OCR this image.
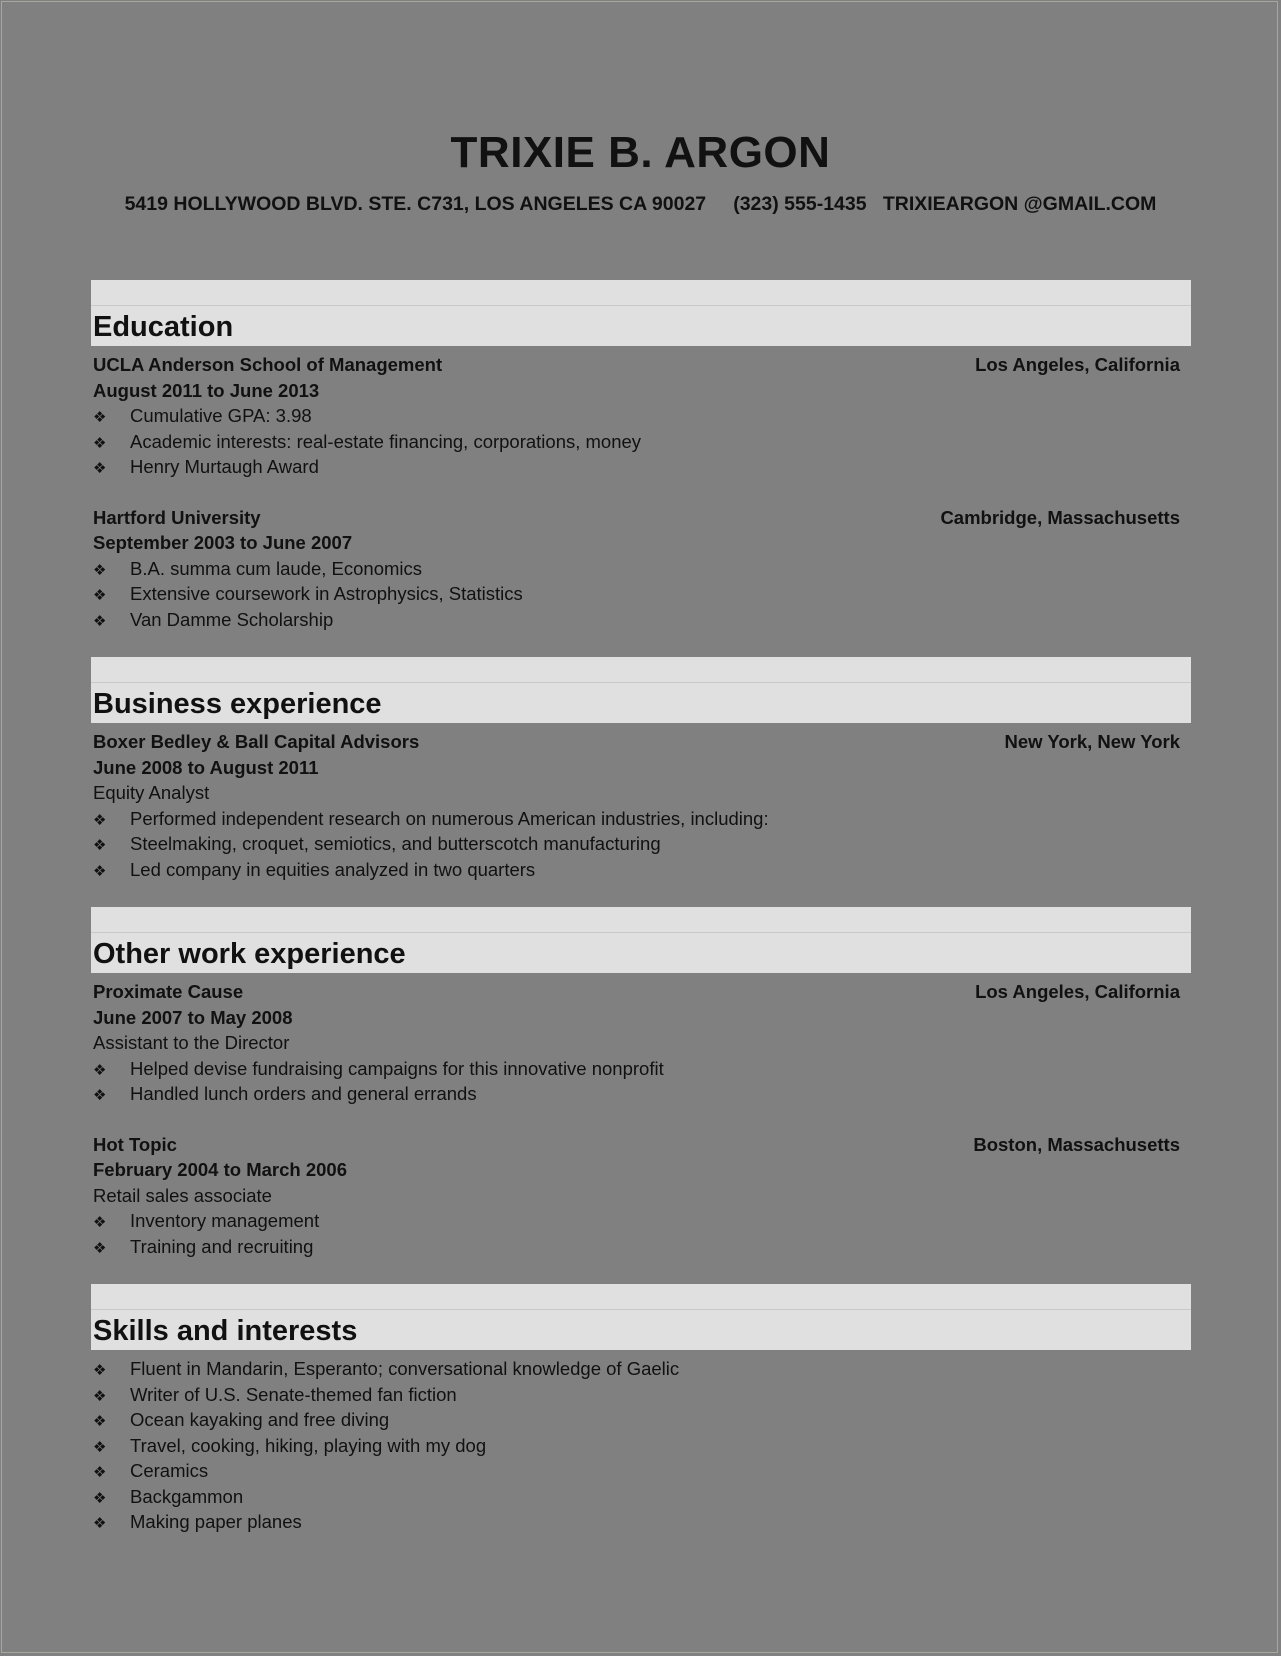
TRIXIE B. ARGON
5419 HOLLYWOOD BLVD. STE. C731, LOS ANGELES CA 90027     (323) 555-1435   TRIXIEARGON @GMAIL.COM
Education
UCLA Anderson School of Management	Los Angeles, California
August 2011 to June 2013
❖ Cumulative GPA: 3.98
❖ Academic interests: real-estate financing, corporations, money
❖ Henry Murtaugh Award
Hartford University	Cambridge, Massachusetts
September 2003 to June 2007
❖ B.A. summa cum laude, Economics
❖ Extensive coursework in Astrophysics, Statistics
❖ Van Damme Scholarship
Business experience
Boxer Bedley & Ball Capital Advisors	New York, New York
June 2008 to August 2011
Equity Analyst
❖ Performed independent research on numerous American industries, including:
❖ Steelmaking, croquet, semiotics, and butterscotch manufacturing
❖ Led company in equities analyzed in two quarters
Other work experience
Proximate Cause	Los Angeles, California
June 2007 to May 2008
Assistant to the Director
❖ Helped devise fundraising campaigns for this innovative nonprofit
❖ Handled lunch orders and general errands
Hot Topic	Boston, Massachusetts
February 2004 to March 2006
Retail sales associate
❖ Inventory management
❖ Training and recruiting
Skills and interests
❖ Fluent in Mandarin, Esperanto; conversational knowledge of Gaelic
❖ Writer of U.S. Senate-themed fan fiction
❖ Ocean kayaking and free diving
❖ Travel, cooking, hiking, playing with my dog
❖ Ceramics
❖ Backgammon
❖ Making paper planes
